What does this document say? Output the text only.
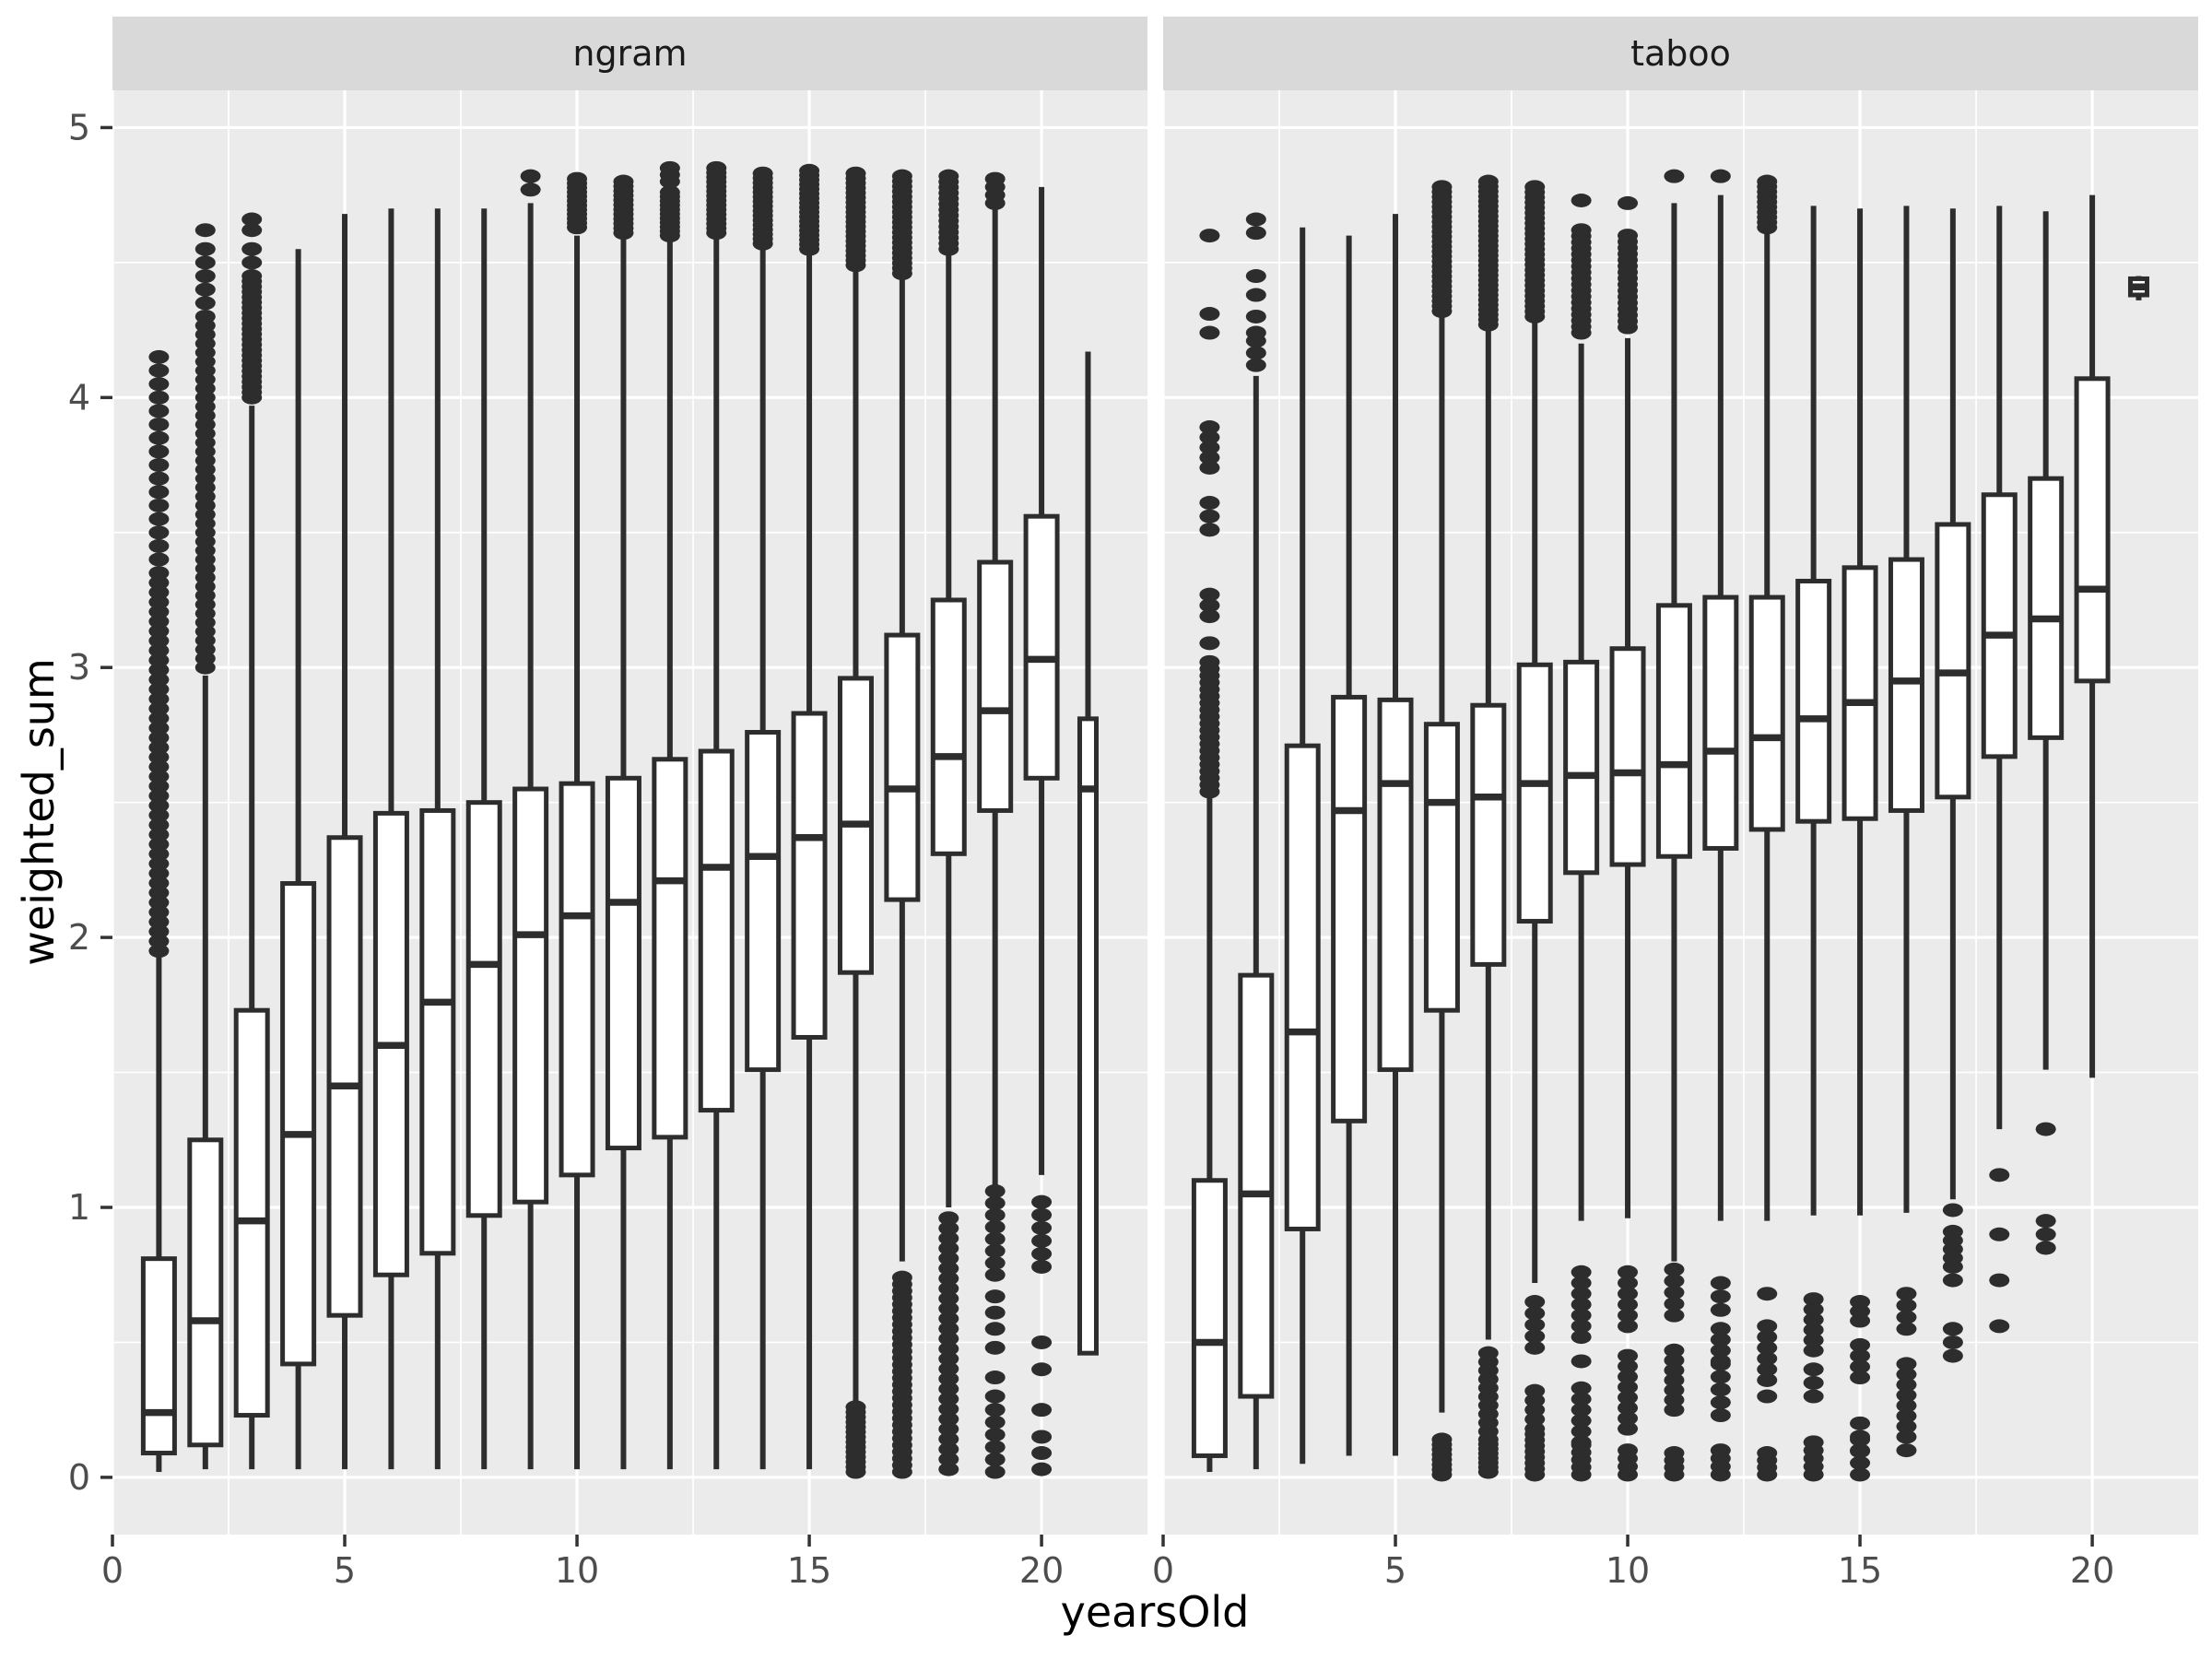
0	5	10	15	20	0	5	10	15	20
0
1
2
3
4
5
ngram	taboo
yearsOld
weighted_sum
